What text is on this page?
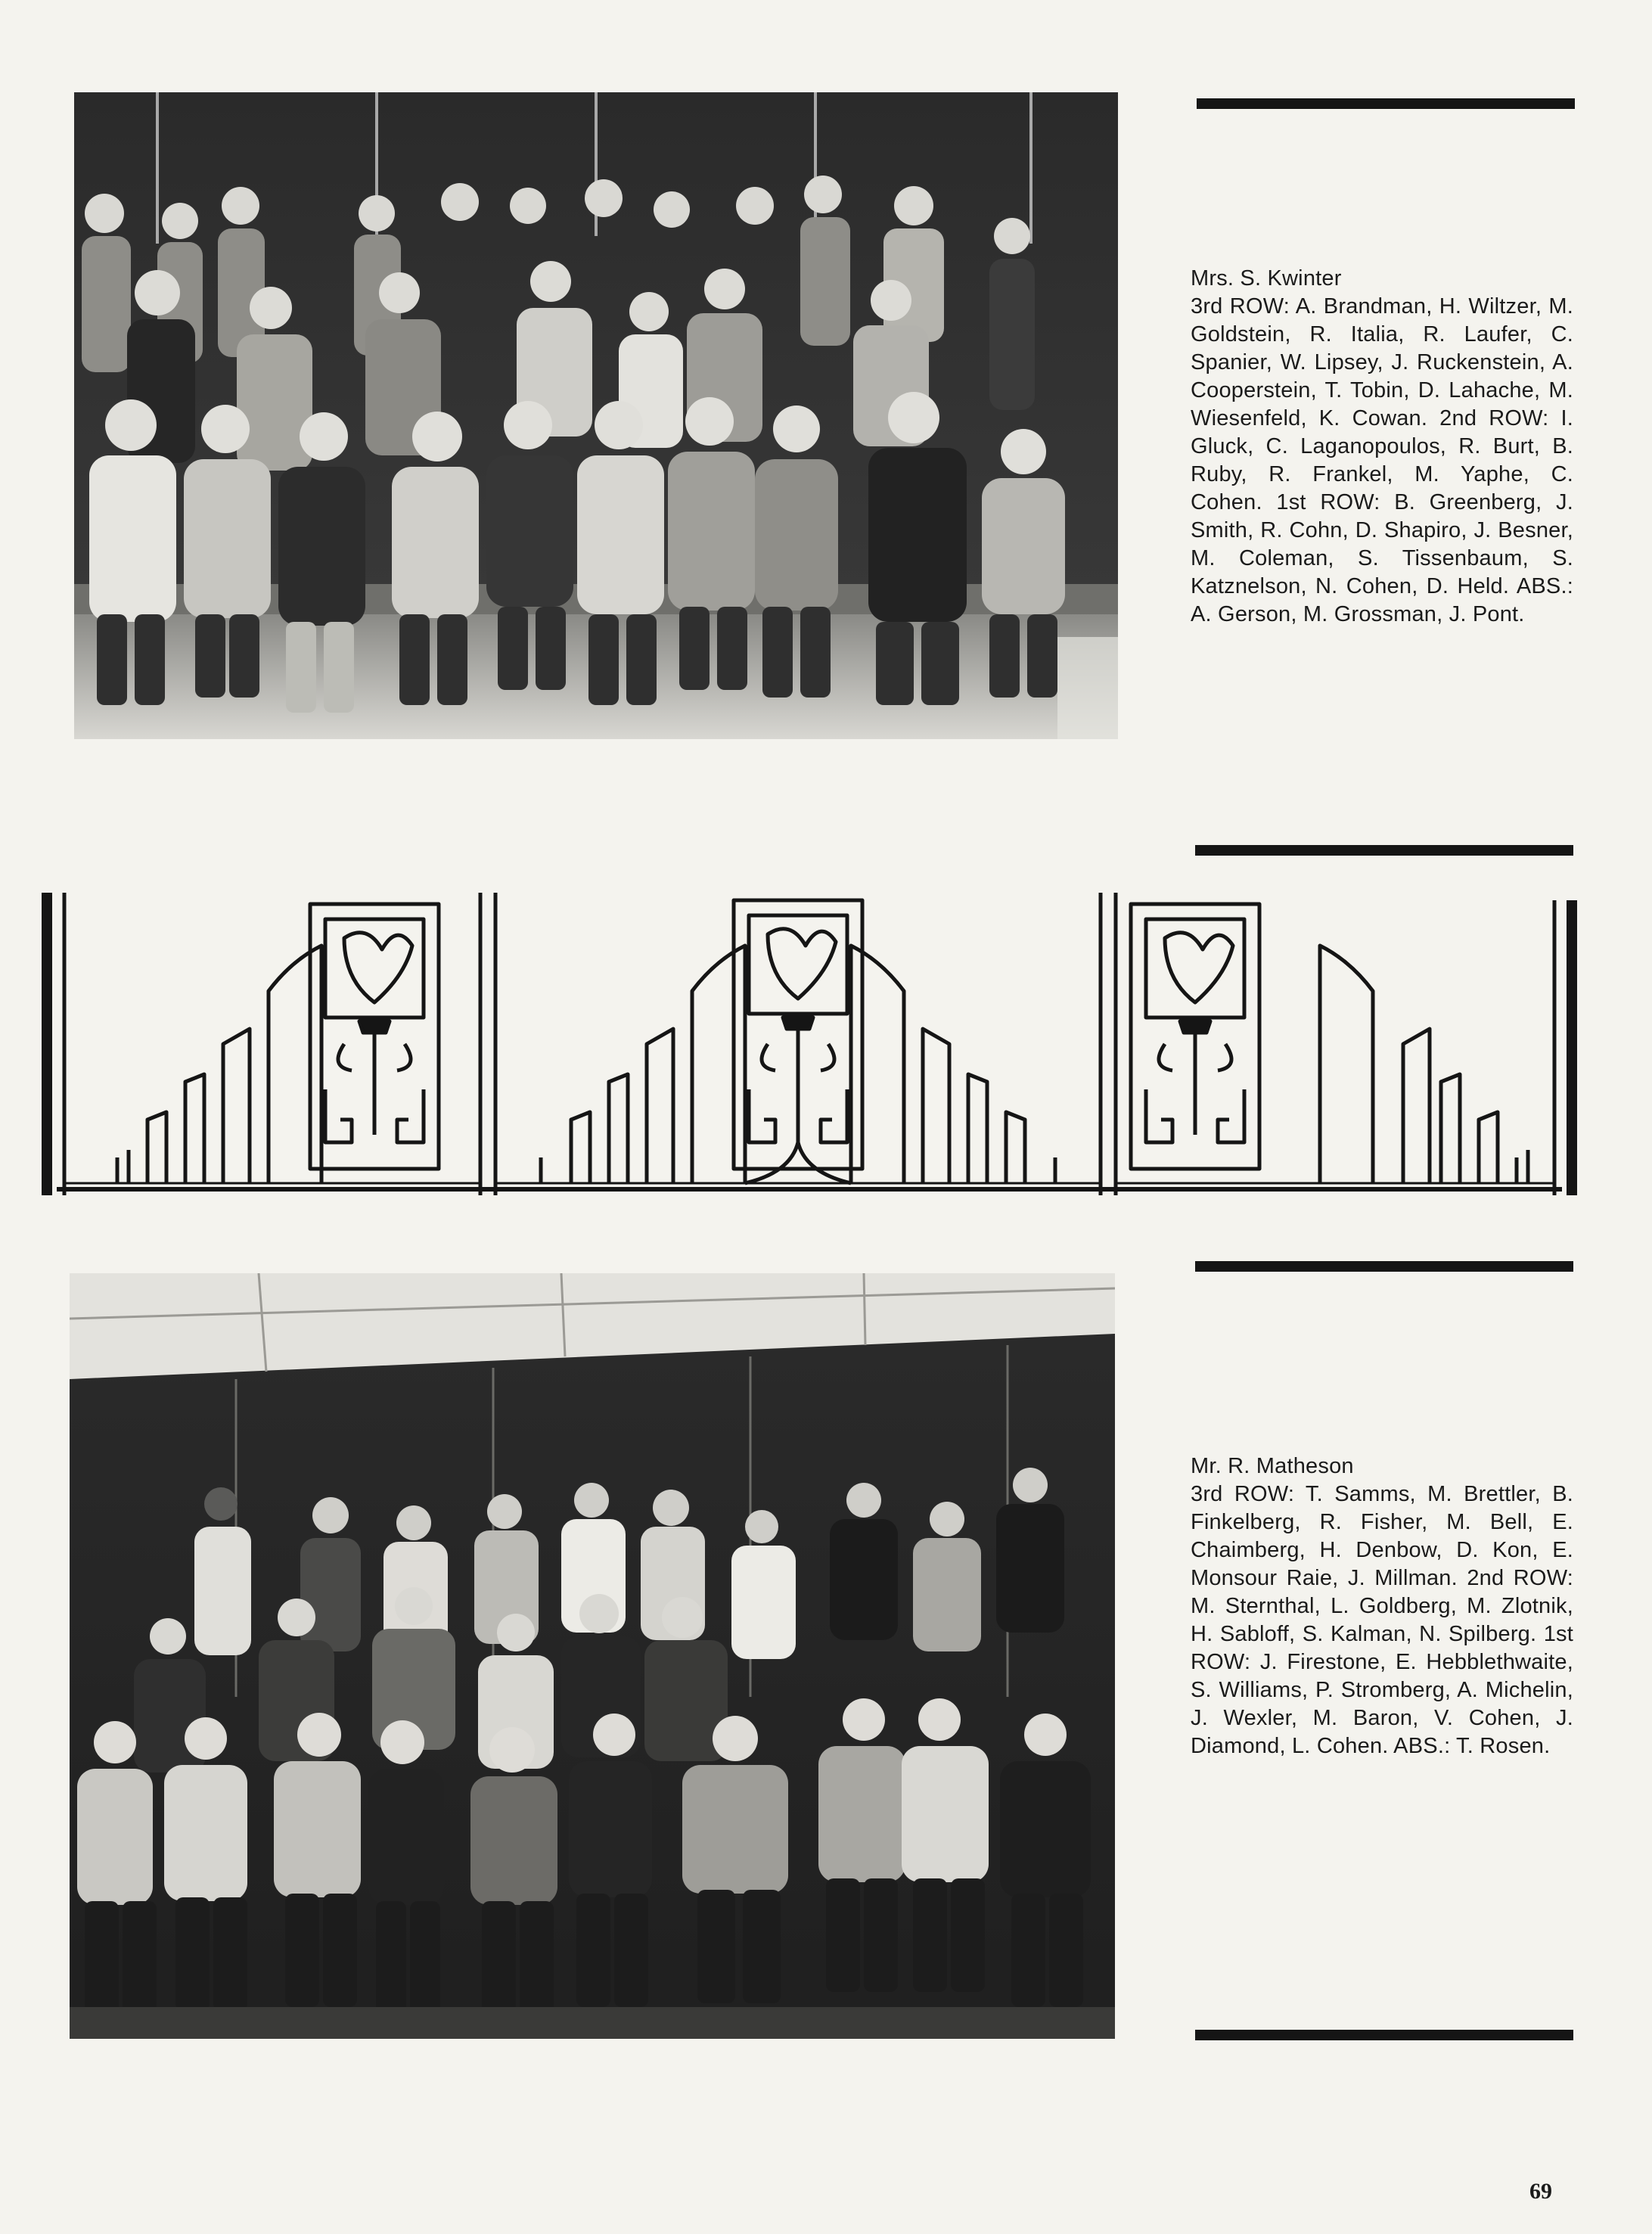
Mrs. S. Kwinter
3rd ROW: A. Brandman, H. Wiltzer, M. Goldstein, R. Italia, R. Laufer, C. Spanier, W. Lipsey, J. Ruckenstein, A. Cooperstein, T. Tobin, D. Lahache, M. Wiesenfeld, K. Cowan. 2nd ROW: I. Gluck, C. Laganopoulos, R. Burt, B. Ruby, R. Frankel, M. Yaphe, C. Cohen. 1st ROW: B. Greenberg, J. Smith, R. Cohn, D. Shapiro, J. Besner, M. Coleman, S. Tissenbaum, S. Katznelson, N. Cohen, D. Held. ABS.: A. Gerson, M. Grossman, J. Pont.
Mr. R. Matheson
3rd ROW: T. Samms, M. Brettler, B. Finkelberg, R. Fisher, M. Bell, E. Chaimberg, H. Denbow, D. Kon, E. Monsour Raie, J. Millman. 2nd ROW: M. Sternthal, L. Goldberg, M. Zlotnik, H. Sabloff, S. Kalman, N. Spilberg. 1st ROW: J. Firestone, E. Hebblethwaite, S. Williams, P. Stromberg, A. Michelin, J. Wexler, M. Baron, V. Cohen, J. Diamond, L. Cohen. ABS.: T. Rosen.
69
